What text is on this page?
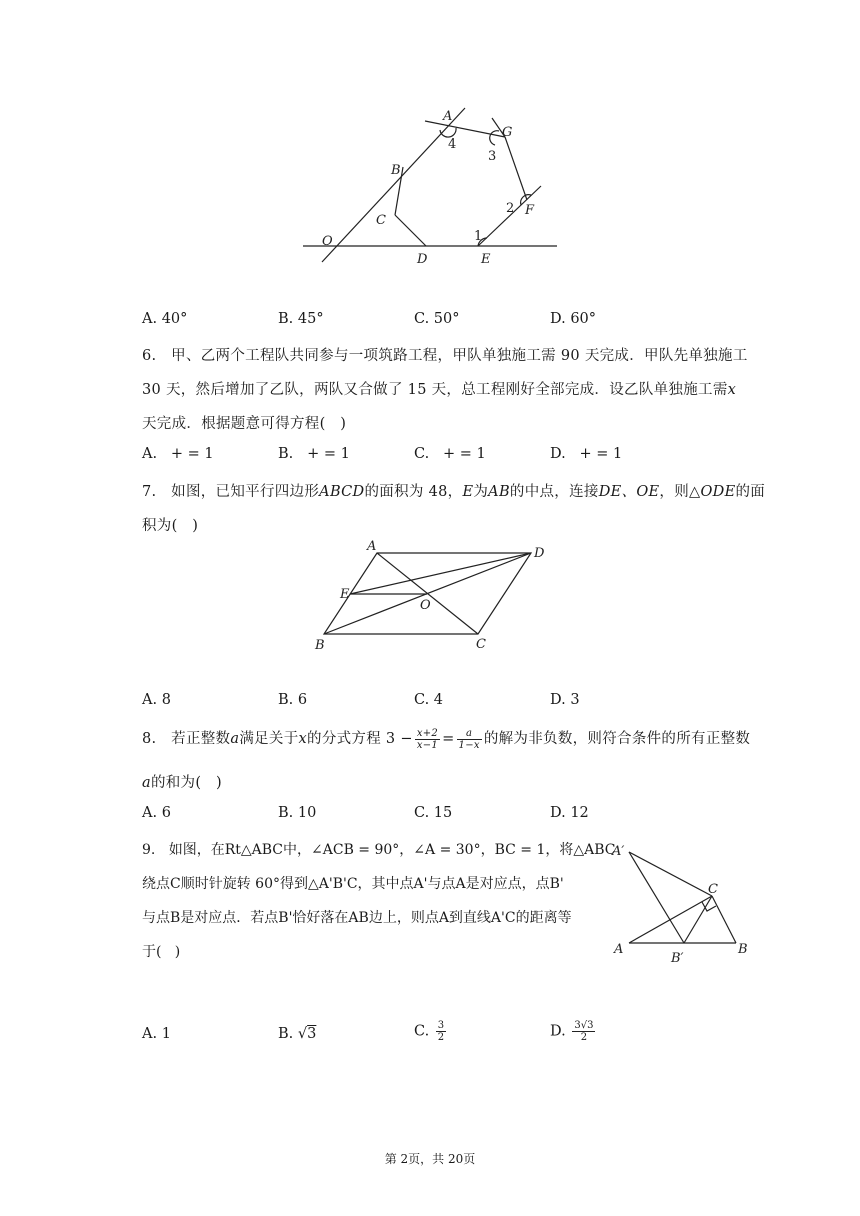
A
G
4
3
B
C
2 F
1
O
D	E
A. 40°	B. 45°	C. 50°	D. 60°
6.   甲、乙两个工程队共同参与一项筑路工程，甲队单独施工需 90 天完成．甲队先单独施工
30 天，然后增加了乙队，两队又合做了 15 天，总工程刚好全部完成．设乙队单独施工需x
天完成．根据题意可得方程(   )
A.   + = 1	B.   + = 1	C.   + = 1	D.   + = 1
7.   如图，已知平行四边形ABCD的面积为 48，E为AB的中点，连接DE、OE，则△ODE的面
积为(   )
A	D
E
O
B	C
A. 8	B. 6	C. 4	D. 3
8.   若正整数a满足关于x的分式方程 $3 - \frac{x+2}{x-1} = \frac{a}{1-x}$ 的解为非负数，则符合条件的所有正整数
a的和为(   )
A. 6	B. 10	C. 15	D. 12
9.   如图，在Rt△ABC中，∠ACB = 90°，∠A = 30°，BC = 1，将△ABC
绕点C顺时针旋转 60°得到△A'B'C，其中点A'与点A是对应点，点B'
与点B是对应点．若点B'恰好落在AB边上，则点A到直线A'C的距离等
于(   )
A′
C
A
B′
B
A. 1	B. √3	C. $\frac{3}{2}$	D. $\frac{3√3}{2}$
第 2页，共 20页
